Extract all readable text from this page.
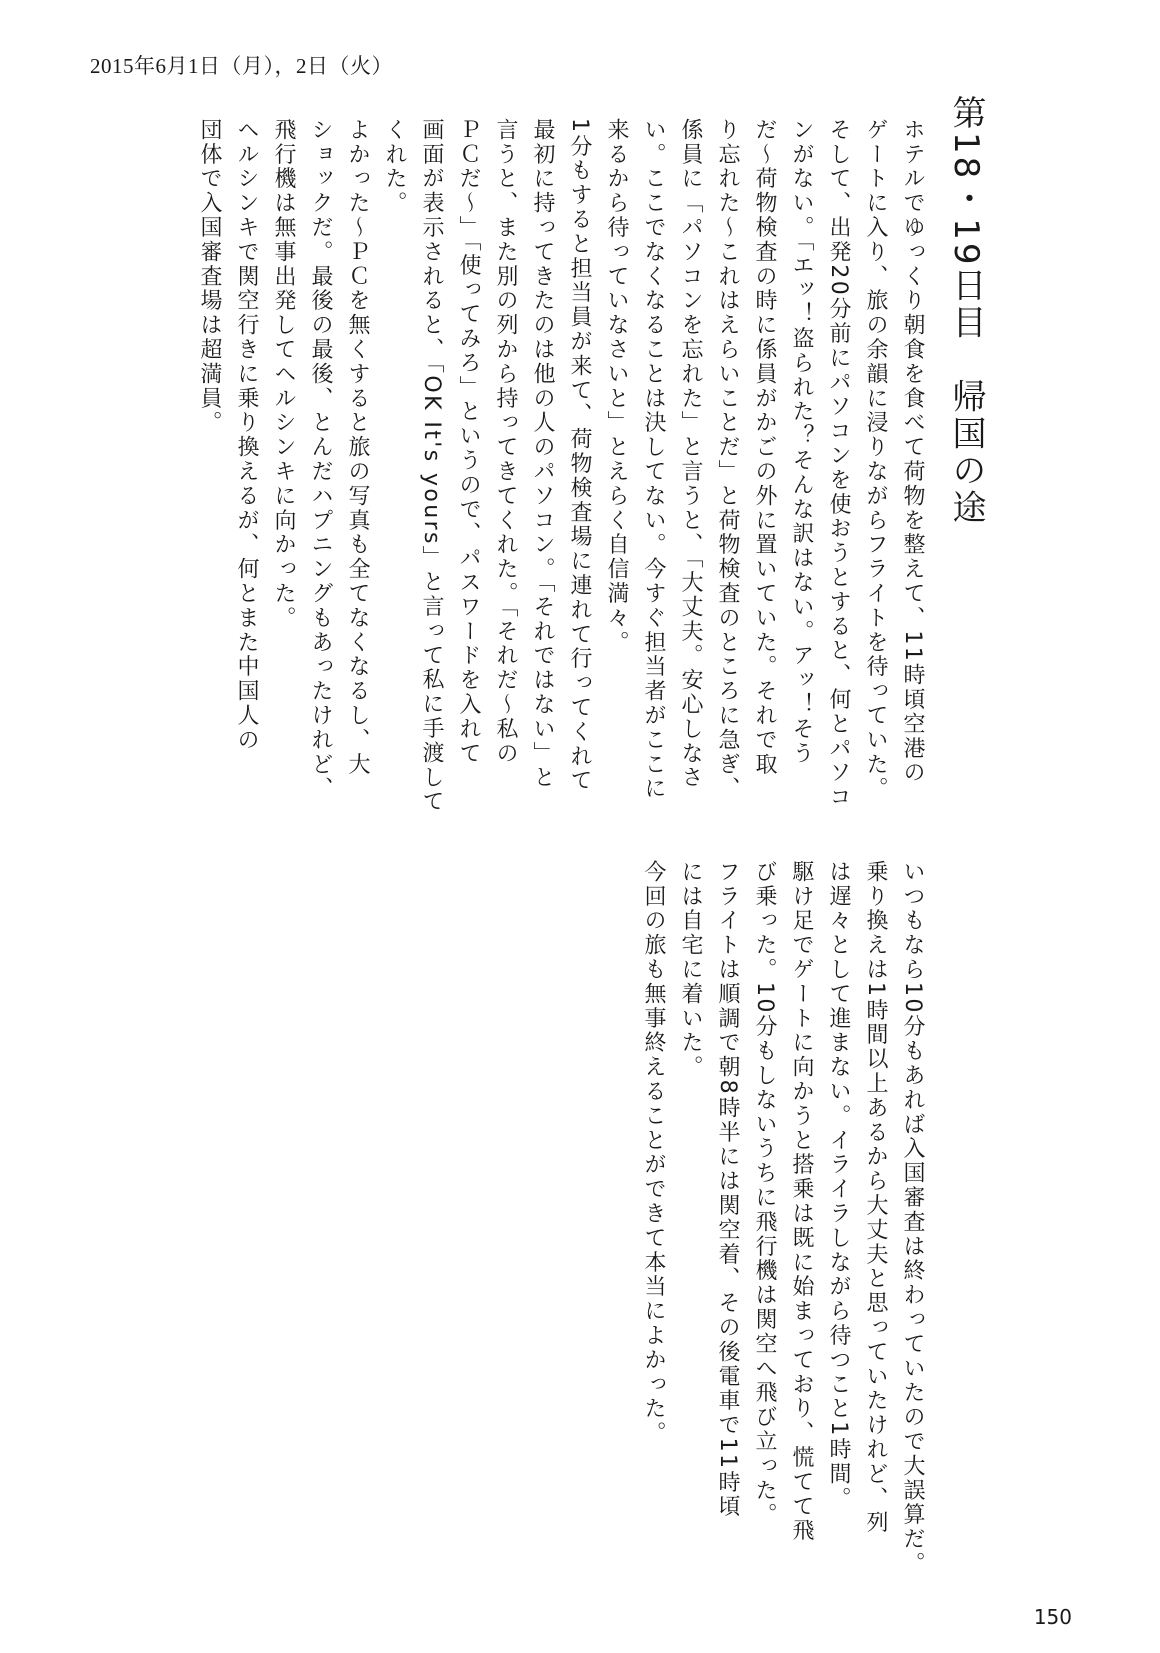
2015年6月1日（月），2日（火）
第18・19日目　帰国の途

ホテルでゆっくり朝食を食べて荷物を整えて、11時頃空港の

ゲートに入り、旅の余韻に浸りながらフライトを待っていた。

そして、出発20分前にパソコンを使おうとすると、何とパソコ

ンがない。「エッ！盗られた？そんな訳はない。アッ！そう

だ～荷物検査の時に係員がかごの外に置いていた。それで取

り忘れた～これはえらいことだ」と荷物検査のところに急ぎ、

係員に「パソコンを忘れた」と言うと、「大丈夫。安心しなさ

い。ここでなくなることは決してない。今すぐ担当者がここに

来るから待っていなさいと」とえらく自信満々。

1分もすると担当員が来て、荷物検査場に連れて行ってくれて

最初に持ってきたのは他の人のパソコン。「それではない」と

言うと、また別の列から持ってきてくれた。「それだ～私の

ＰＣだ～」「使ってみろ」というので、パスワードを入れて

画面が表示されると、「OK It's yours」と言って私に手渡して

くれた。

よかった～ＰＣを無くすると旅の写真も全てなくなるし、大

ショックだ。最後の最後、とんだハプニングもあったけれど、

飛行機は無事出発してヘルシンキに向かった。

ヘルシンキで関空行きに乗り換えるが、何とまた中国人の

団体で入国審査場は超満員。

いつもなら10分もあれば入国審査は終わっていたので大誤算だ。

乗り換えは1時間以上あるから大丈夫と思っていたけれど、列

は遅々として進まない。イライラしながら待つこと1時間。

駆け足でゲートに向かうと搭乗は既に始まっており、慌てて飛

び乗った。10分もしないうちに飛行機は関空へ飛び立った。

フライトは順調で朝8時半には関空着、その後電車で11時頃

には自宅に着いた。

今回の旅も無事終えることができて本当によかった。

150
